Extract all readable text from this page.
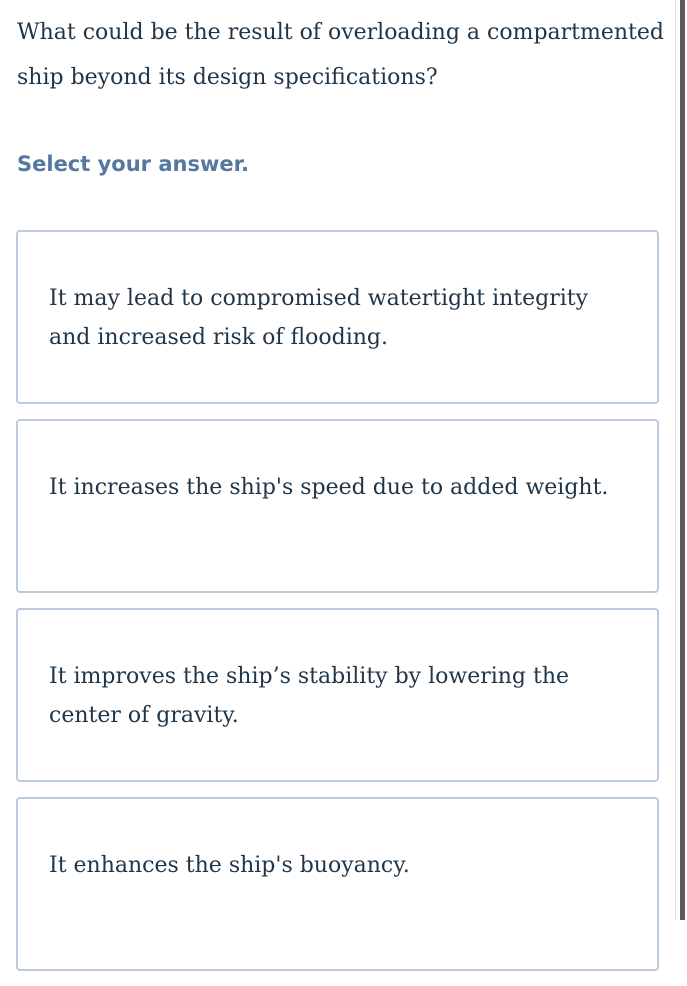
What could be the result of overloading a compartmented ship beyond its design specifications?

Select your answer.

It may lead to compromised watertight integrity and increased risk of flooding.
It increases the ship's speed due to added weight.
It improves the ship’s stability by lowering the center of gravity.
It enhances the ship's buoyancy.
